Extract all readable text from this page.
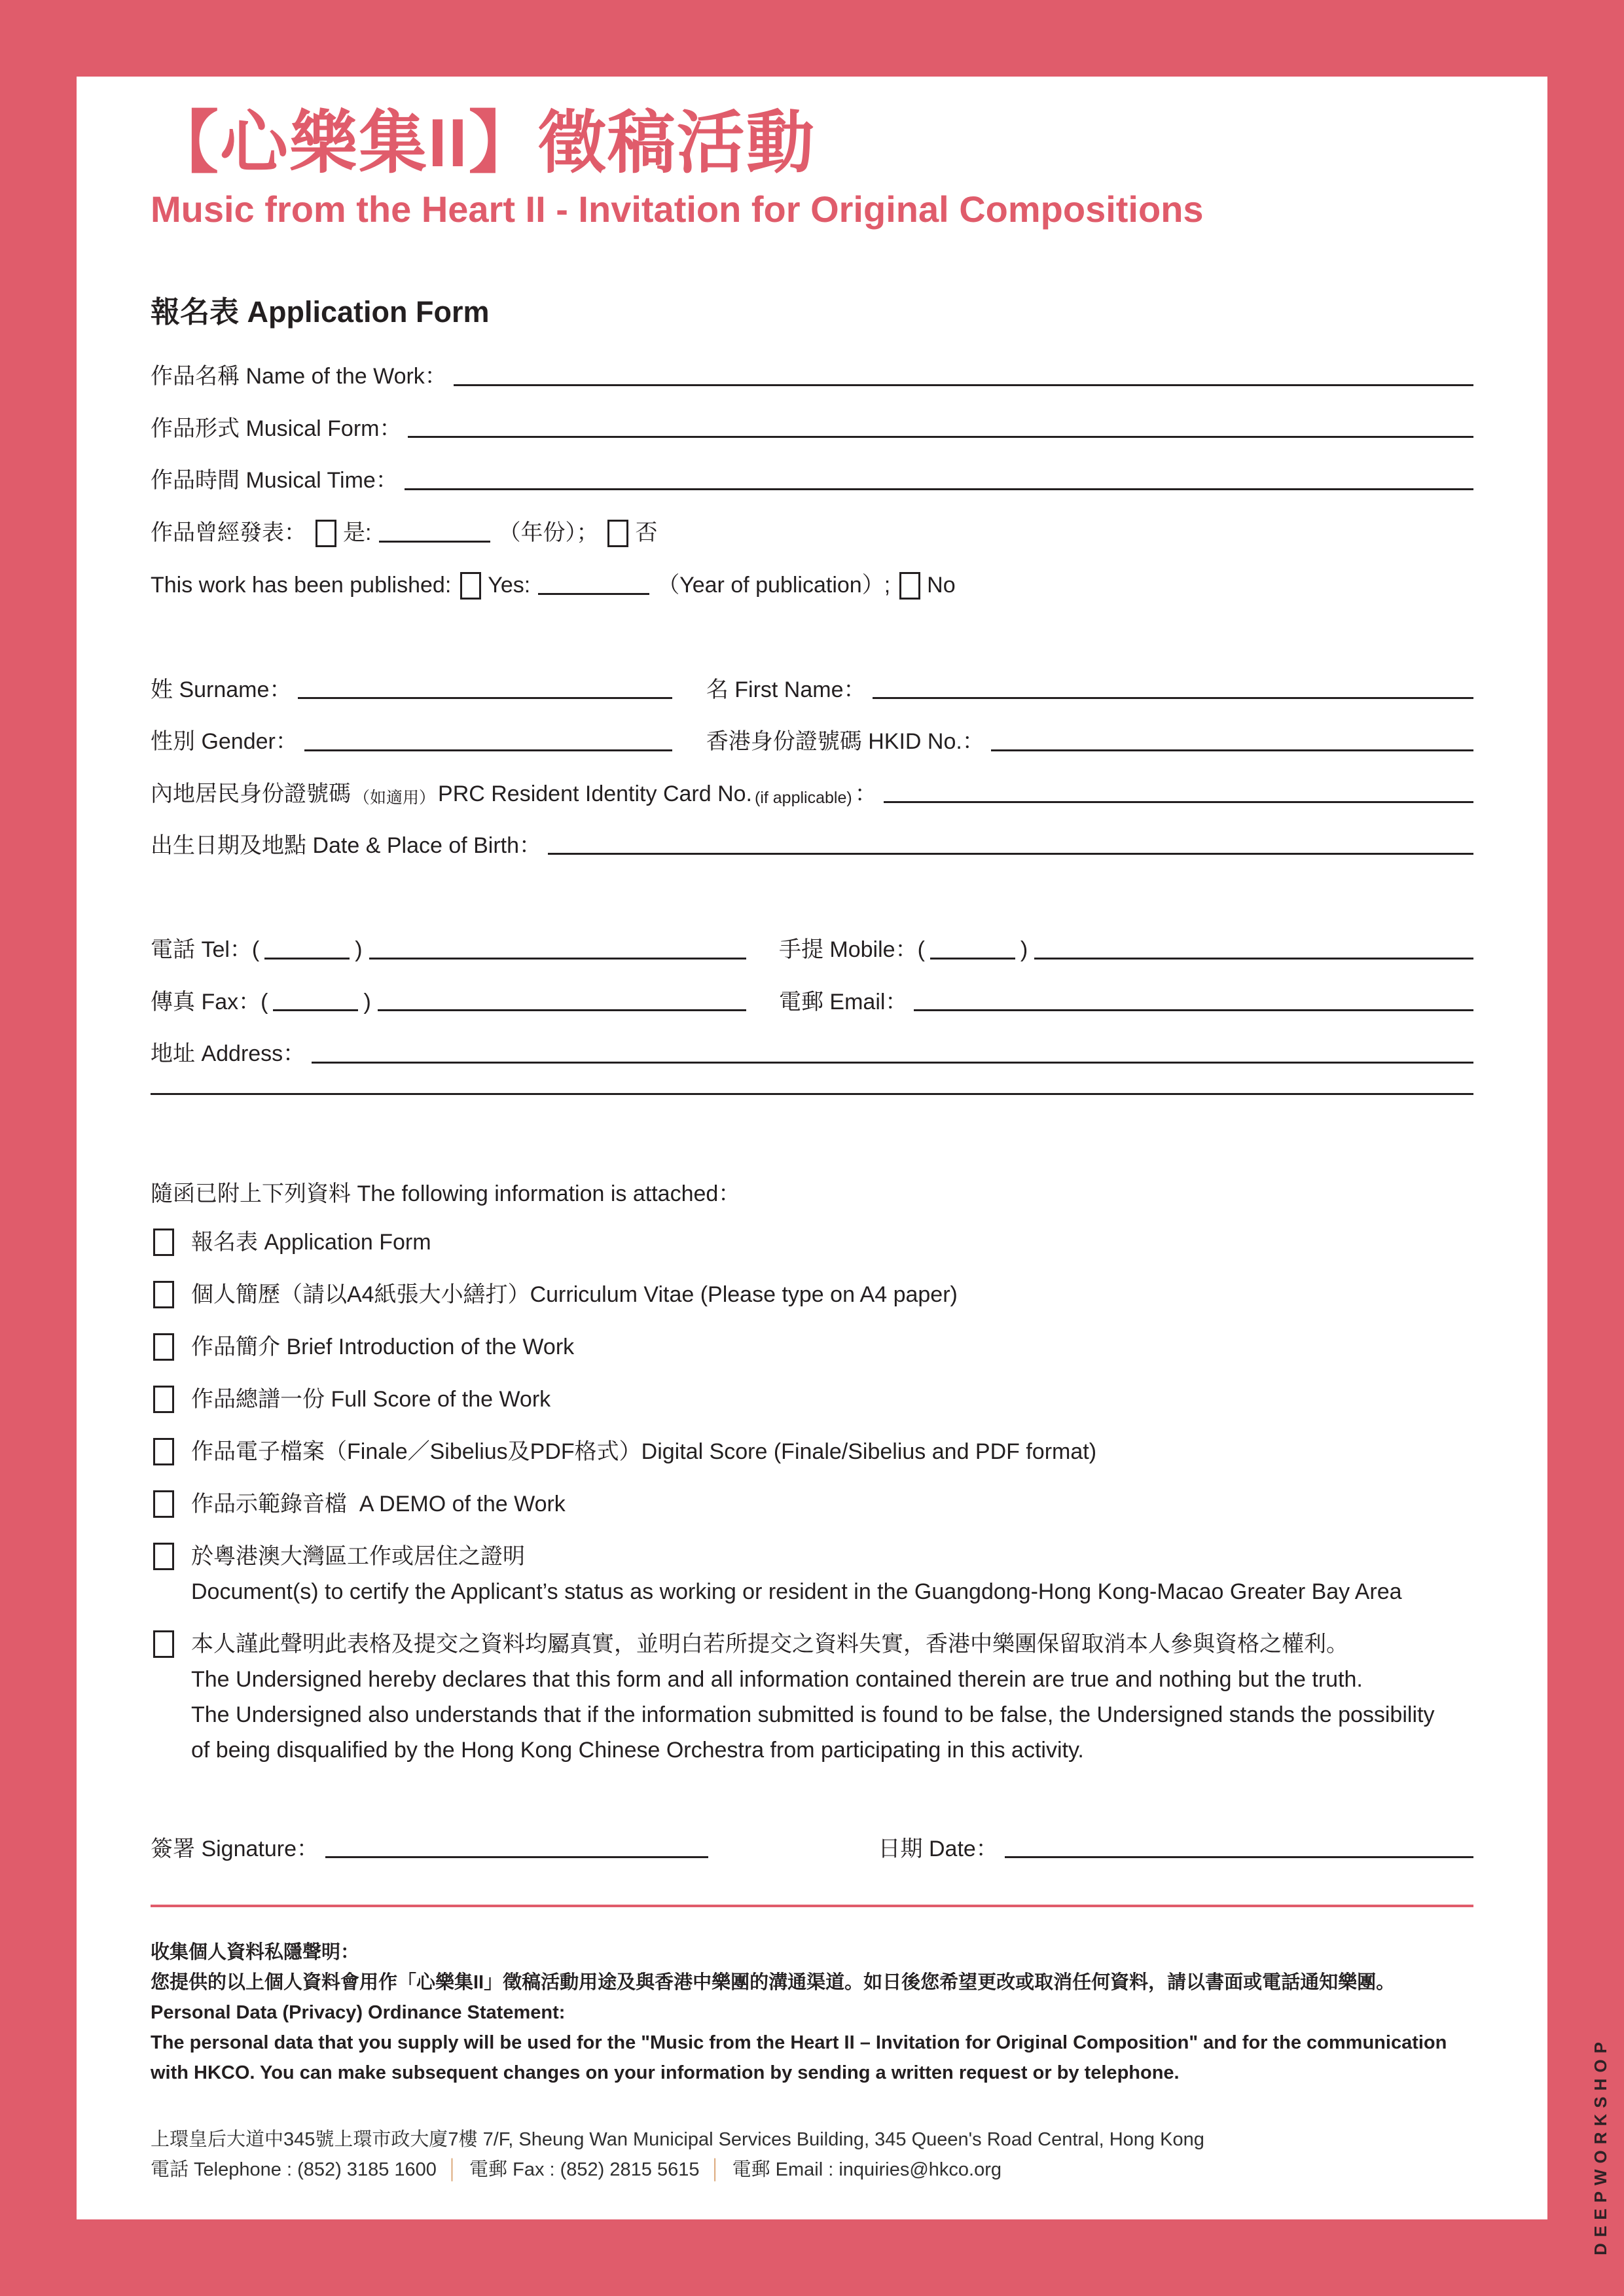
【心樂集II】徵稿活動
Music from the Heart II - Invitation for Original Compositions
報名表 Application Form
作品名稱 Name of the Work：
作品形式 Musical Form：
作品時間 Musical Time：
作品曾經發表： 是:	（年份）； 否
This work has been published: Yes:	（Year of publication）; No
姓 Surname：	名 First Name：
性別 Gender：	香港身份證號碼 HKID No.：
內地居民身份證號碼 （如適用） PRC Resident Identity Card No. (if applicable) ：
出生日期及地點 Date & Place of Birth：
電話 Tel：(	)	手提 Mobile：(	)
傳真 Fax：(	)	電郵 Email：
地址 Address：
隨函已附上下列資料 The following information is attached：
報名表 Application Form
個人簡歷（請以A4紙張大小繕打）Curriculum Vitae (Please type on A4 paper)
作品簡介 Brief Introduction of the Work
作品總譜一份 Full Score of the Work
作品電子檔案（Finale／Sibelius及PDF格式）Digital Score (Finale/Sibelius and PDF format)
作品示範錄音檔  A DEMO of the Work
於粵港澳大灣區工作或居住之證明
Document(s) to certify the Applicant’s status as working or resident in the Guangdong-Hong Kong-Macao Greater Bay Area
本人謹此聲明此表格及提交之資料均屬真實，並明白若所提交之資料失實，香港中樂團保留取消本人參與資格之權利。
The Undersigned hereby declares that this form and all information contained therein are true and nothing but the truth.
The Undersigned also understands that if the information submitted is found to be false, the Undersigned stands the possibility
of being disqualified by the Hong Kong Chinese Orchestra from participating in this activity.
簽署 Signature：	日期 Date：
收集個人資料私隱聲明：
您提供的以上個人資料會用作「心樂集II」徵稿活動用途及與香港中樂團的溝通渠道。如日後您希望更改或取消任何資料，請以書面或電話通知樂團。
Personal Data (Privacy) Ordinance Statement:
The personal data that you supply will be used for the "Music from the Heart II – Invitation for Original Composition" and for the communication
with HKCO. You can make subsequent changes on your information by sending a written request or by telephone.
上環皇后大道中345號上環市政大廈7樓 7/F, Sheung Wan Municipal Services Building, 345 Queen's Road Central, Hong Kong
電話 Telephone : (852) 3185 1600 │ 電郵 Fax : (852) 2815 5615 │ 電郵 Email : inquiries@hkco.org	DEEPWORKSHOP
